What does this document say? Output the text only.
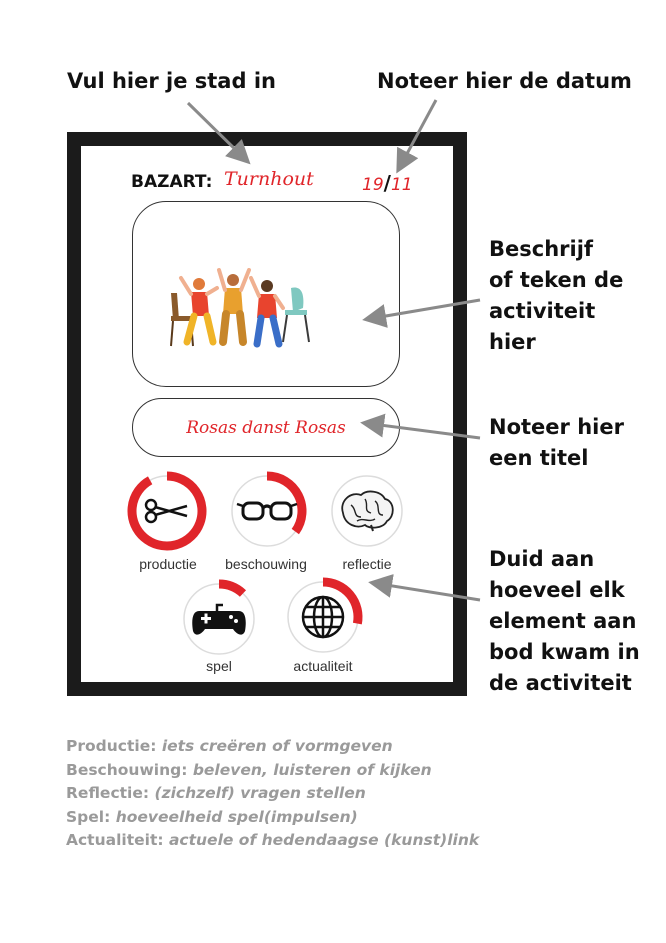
Vul hier je stad in	Noteer hier de datum
Beschrijf
of teken de
activiteit
hier
Noteer hier
een titel
Duid aan
hoeveel elk
element aan
bod kwam in
de activiteit
BAZART: Turnhout	19/11
Rosas danst Rosas
productie	beschouwing	reflectie
spel	actualiteit
Productie: iets creëren of vormgeven
Beschouwing: beleven, luisteren of kijken
Reflectie: (zichzelf) vragen stellen
Spel: hoeveelheid spel(impulsen)
Actualiteit: actuele of hedendaagse (kunst)link
